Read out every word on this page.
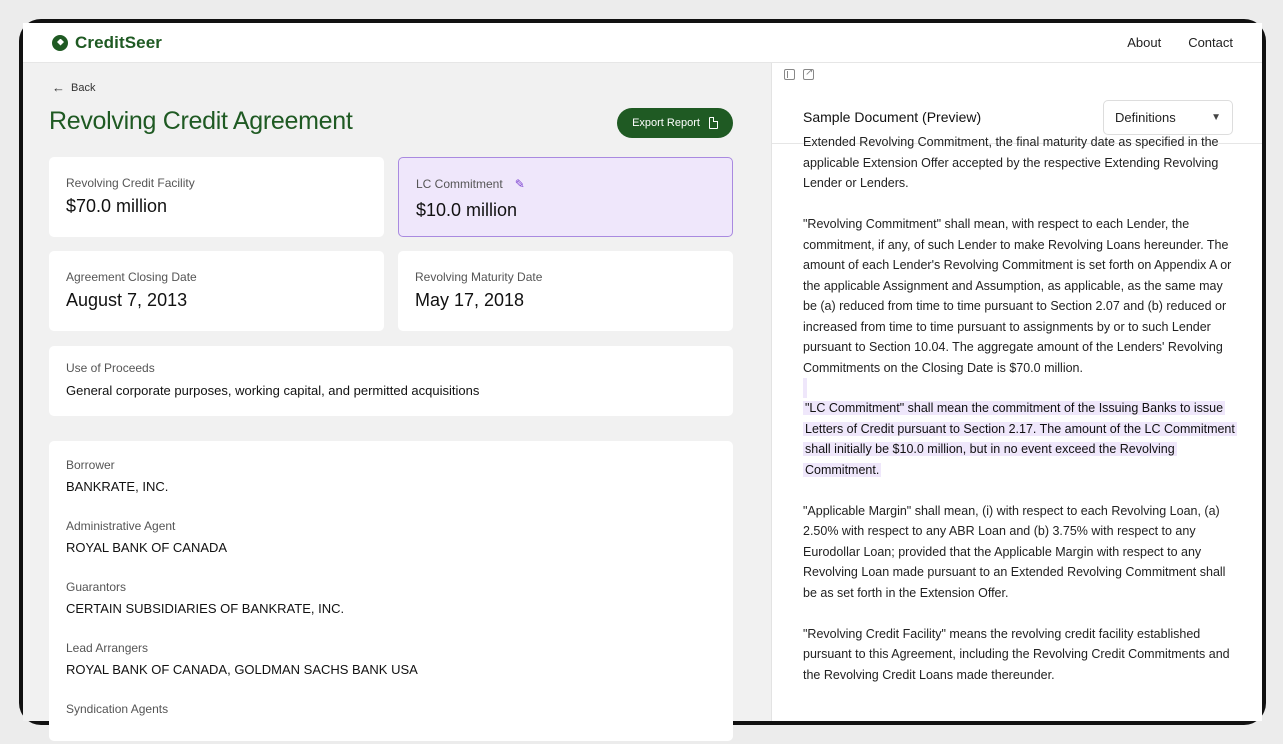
CreditSeer	About Contact
← Back
Revolving Credit Agreement	Export Report
Revolving Credit Facility
$70.0 million
LC Commitment ✎
$10.0 million
Agreement Closing Date
August 7, 2013
Revolving Maturity Date
May 17, 2018
Use of Proceeds
General corporate purposes, working capital, and permitted acquisitions
Borrower
BANKRATE, INC.
Administrative Agent
ROYAL BANK OF CANADA
Guarantors
CERTAIN SUBSIDIARIES OF BANKRATE, INC.
Lead Arrangers
ROYAL BANK OF CANADA, GOLDMAN SACHS BANK USA
Syndication Agents
↗
Sample Document (Preview)	Definitions	▼

Extended Revolving Commitment, the final maturity date as specified in the applicable Extension Offer accepted by the respective Extending Revolving Lender or Lenders.

"Revolving Commitment" shall mean, with respect to each Lender, the commitment, if any, of such Lender to make Revolving Loans hereunder. The amount of each Lender's Revolving Commitment is set forth on Appendix A or the applicable Assignment and Assumption, as applicable, as the same may be (a) reduced from time to time pursuant to Section 2.07 and (b) reduced or increased from time to time pursuant to assignments by or to such Lender pursuant to Section 10.04. The aggregate amount of the Lenders' Revolving Commitments on the Closing Date is $70.0 million.

"LC Commitment" shall mean the commitment of the Issuing Banks to issue Letters of Credit pursuant to Section 2.17. The amount of the LC Commitment shall initially be $10.0 million, but in no event exceed the Revolving Commitment.

"Applicable Margin" shall mean, (i) with respect to each Revolving Loan, (a) 2.50% with respect to any ABR Loan and (b) 3.75% with respect to any Eurodollar Loan; provided that the Applicable Margin with respect to any Revolving Loan made pursuant to an Extended Revolving Commitment shall be as set forth in the Extension Offer.

"Revolving Credit Facility" means the revolving credit facility established pursuant to this Agreement, including the Revolving Credit Commitments and the Revolving Credit Loans made thereunder.
